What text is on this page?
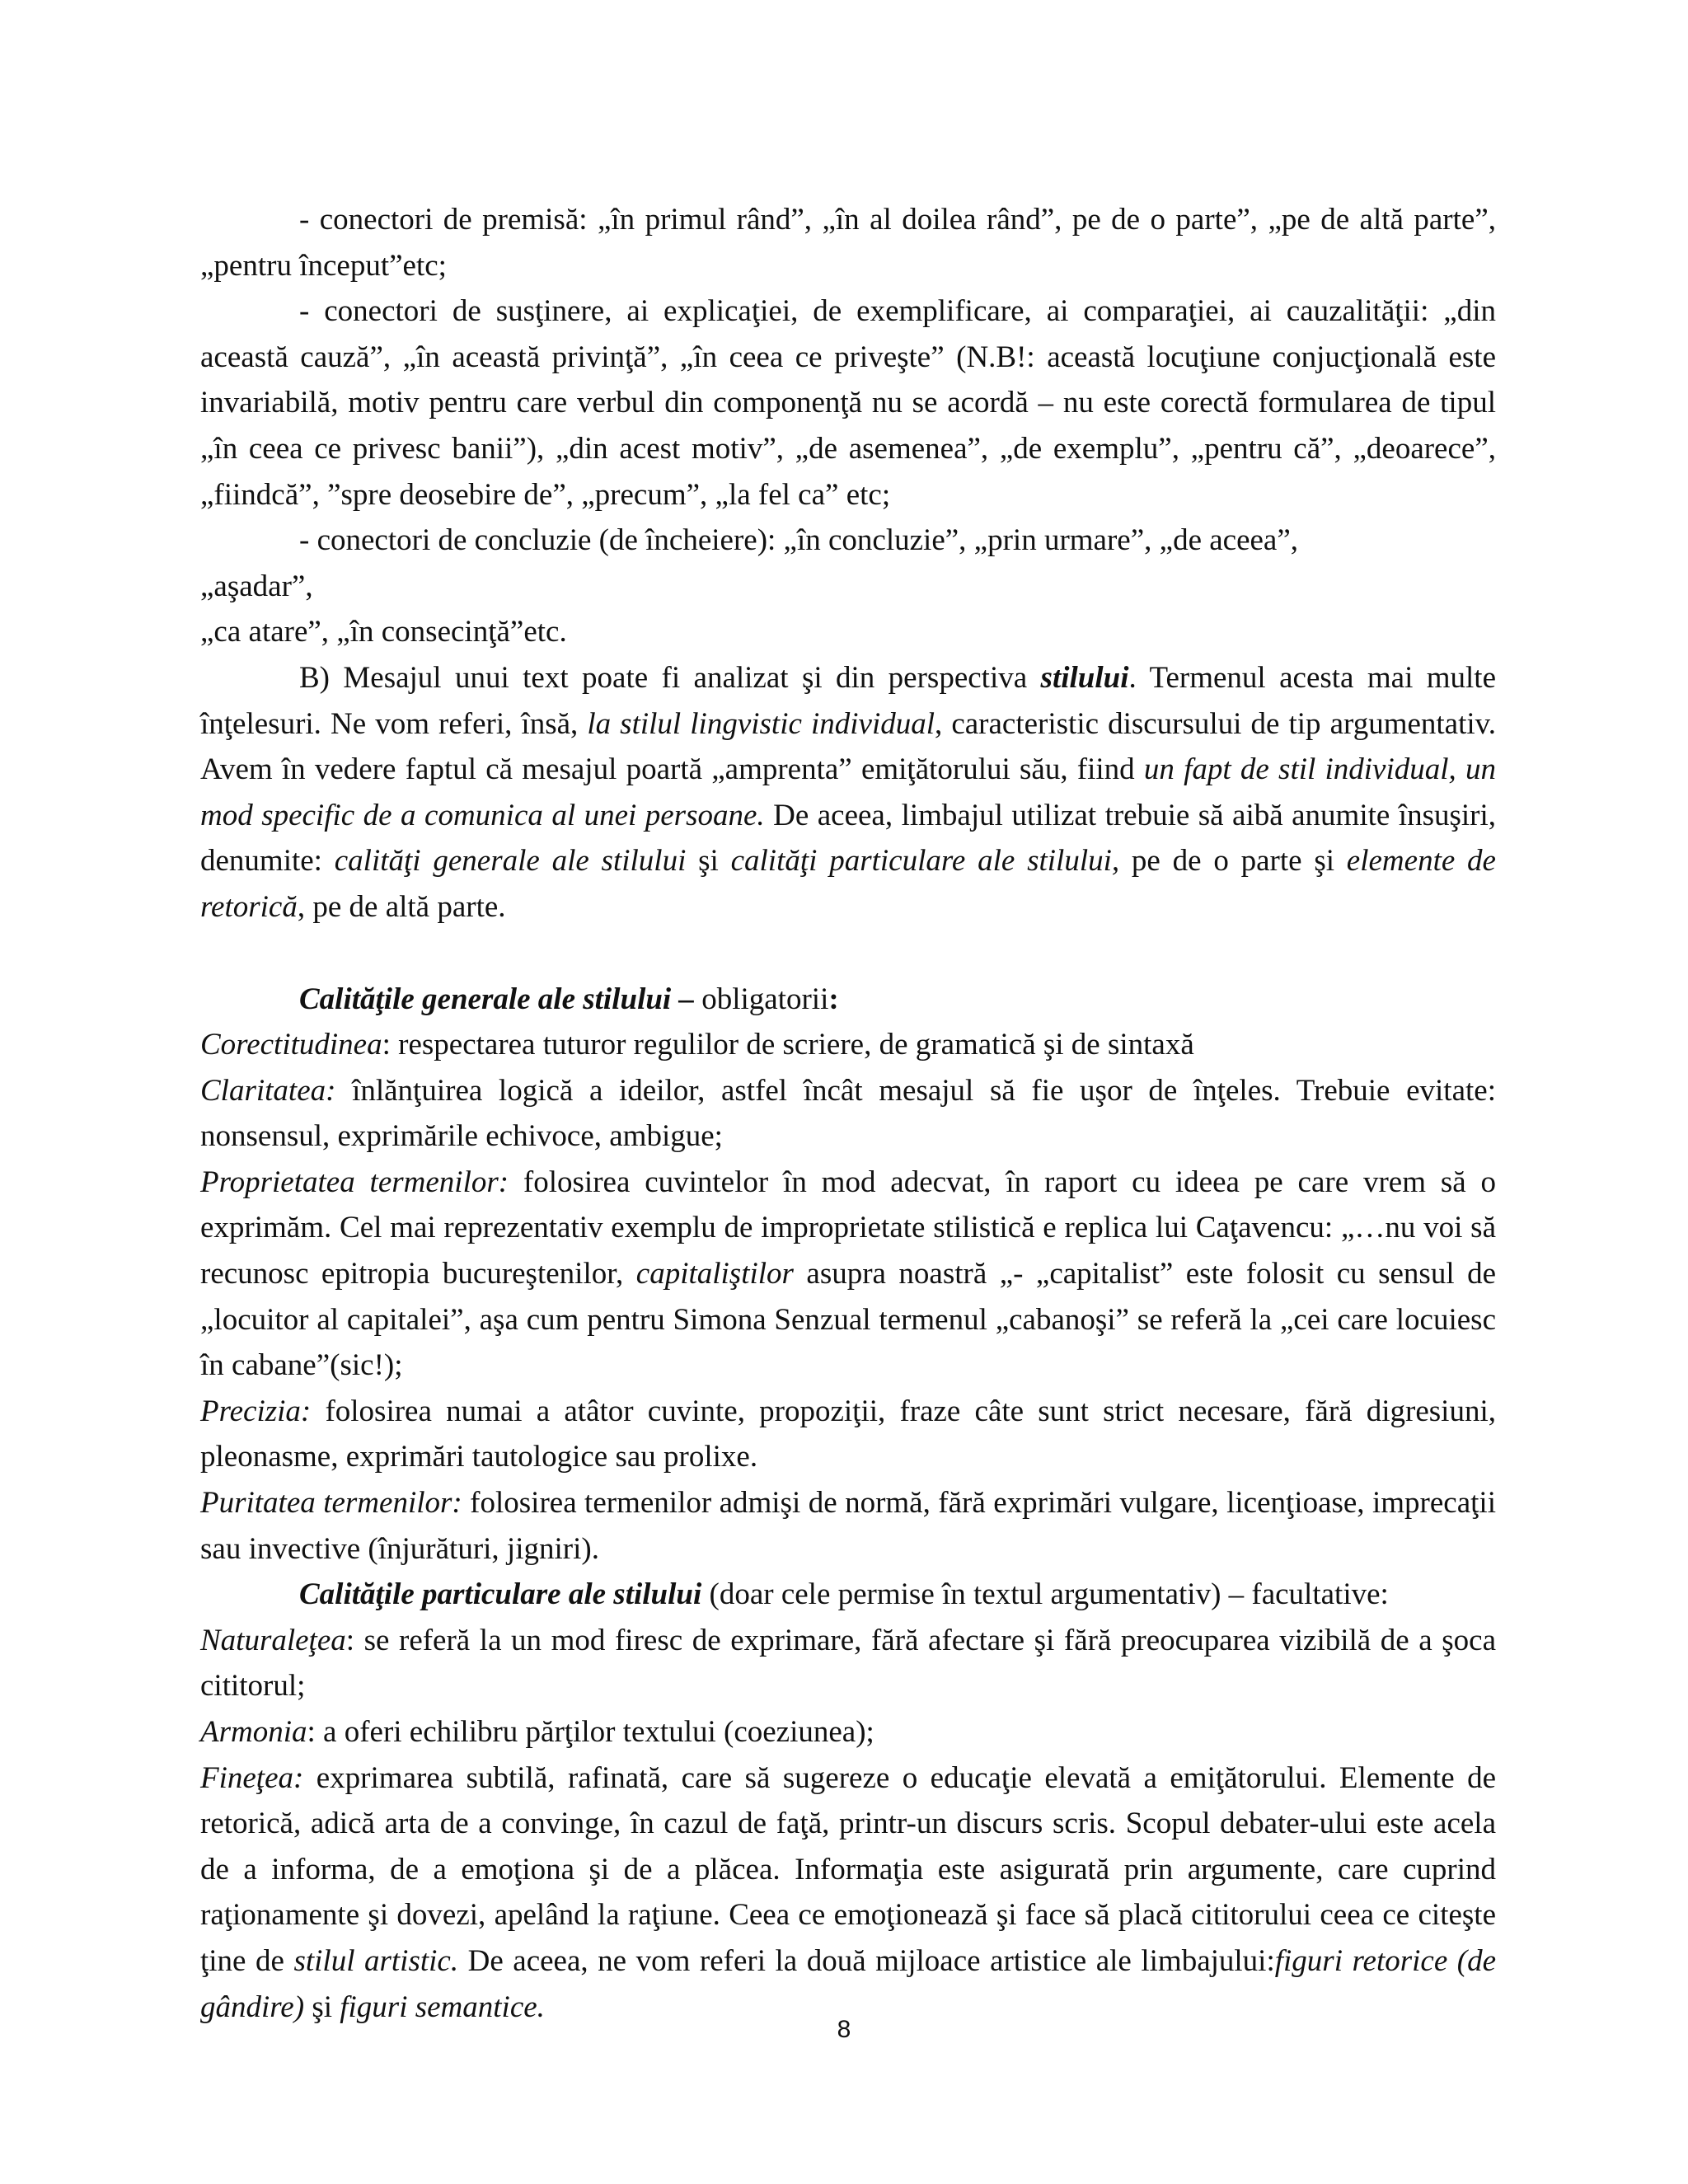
- conectori de premisă: „în primul rând”, „în al doilea rând”, pe de o parte”, „pe de altă parte”, „pentru început”etc;

- conectori de susţinere, ai explicaţiei, de exemplificare, ai comparaţiei, ai cauzalităţii: „din această cauză”, „în această privinţă”, „în ceea ce priveşte” (N.B!: această locuţiune conjucţională este invariabilă, motiv pentru care verbul din componenţă nu se acordă – nu este corectă formularea de tipul „în ceea ce privesc banii”), „din acest motiv”, „de asemenea”, „de exemplu”, „pentru că”, „deoarece”, „fiindcă”, ”spre deosebire de”, „precum”, „la fel ca” etc;

- conectori de concluzie (de încheiere): „în concluzie”, „prin urmare”, „de aceea”,

„aşadar”,

„ca atare”, „în consecinţă”etc.

B) Mesajul unui text poate fi analizat şi din perspectiva stilului. Termenul acesta mai multe înţelesuri. Ne vom referi, însă, la stilul lingvistic individual, caracteristic discursului de tip argumentativ. Avem în vedere faptul că mesajul poartă „amprenta” emiţătorului său, fiind un fapt de stil individual, un mod specific de a comunica al unei persoane. De aceea, limbajul utilizat trebuie să aibă anumite însuşiri, denumite: calităţi generale ale stilului şi calităţi particulare ale stilului, pe de o parte şi elemente de retorică, pe de altă parte.

Calităţile generale ale stilului – obligatorii:

Corectitudinea: respectarea tuturor regulilor de scriere, de gramatică şi de sintaxă

Claritatea: înlănţuirea logică a ideilor, astfel încât mesajul să fie uşor de înţeles. Trebuie evitate: nonsensul, exprimările echivoce, ambigue;

Proprietatea termenilor: folosirea cuvintelor în mod adecvat, în raport cu ideea pe care vrem să o exprimăm. Cel mai reprezentativ exemplu de improprietate stilistică e replica lui Caţavencu: „…nu voi să recunosc epitropia bucureştenilor, capitaliştilor asupra noastră „- „capitalist” este folosit cu sensul de „locuitor al capitalei”, aşa cum pentru Simona Senzual termenul „cabanoşi” se referă la „cei care locuiesc în cabane”(sic!);

Precizia: folosirea numai a atâtor cuvinte, propoziţii, fraze câte sunt strict necesare, fără digresiuni, pleonasme, exprimări tautologice sau prolixe.

Puritatea termenilor: folosirea termenilor admişi de normă, fără exprimări vulgare, licenţioase, imprecaţii sau invective (înjurături, jigniri).

Calităţile particulare ale stilului (doar cele permise în textul argumentativ) – facultative:

Naturaleţea: se referă la un mod firesc de exprimare, fără afectare şi fără preocuparea vizibilă de a şoca cititorul;

Armonia: a oferi echilibru părţilor textului (coeziunea);

Fineţea: exprimarea subtilă, rafinată, care să sugereze o educaţie elevată a emiţătorului. Elemente de retorică, adică arta de a convinge, în cazul de faţă, printr-un discurs scris. Scopul debater-ului este acela de a informa, de a emoţiona şi de a plăcea. Informaţia este asigurată prin argumente, care cuprind raţionamente şi dovezi, apelând la raţiune. Ceea ce emoţionează şi face să placă cititorului ceea ce citeşte ţine de stilul artistic. De aceea, ne vom referi la două mijloace artistice ale limbajului:figuri retorice (de gândire) şi figuri semantice.

8
